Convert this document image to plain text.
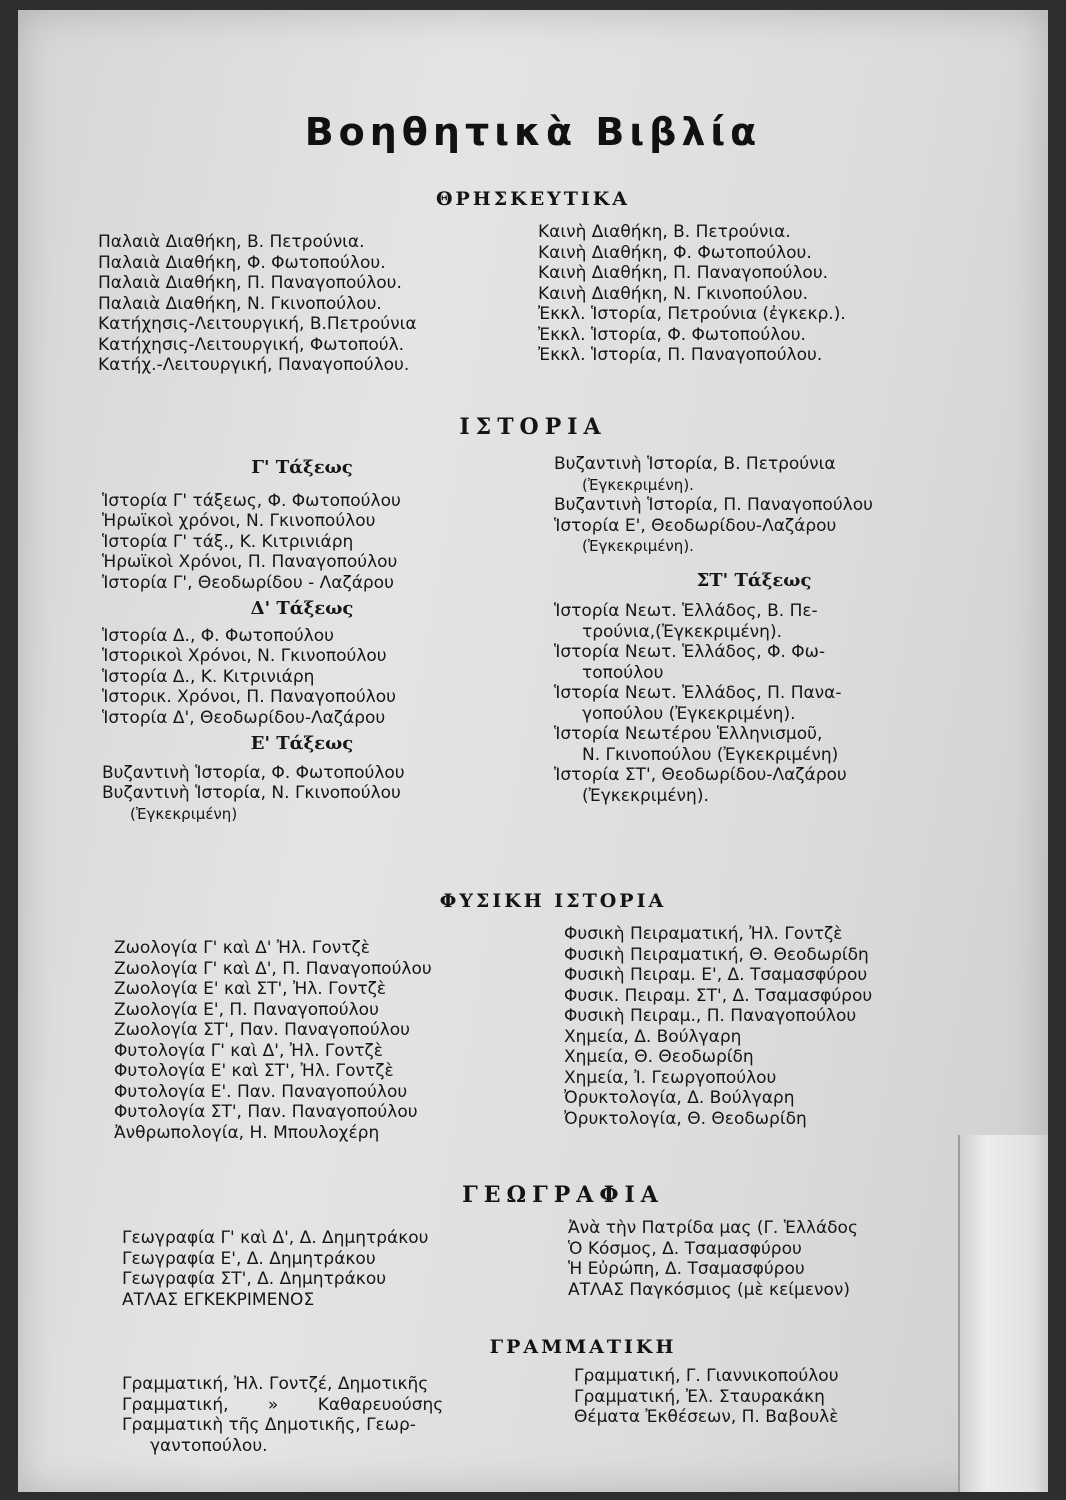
Βοηθητικὰ Βιβλία
ΘΡΗΣΚΕΥΤΙΚΑ
Παλαιὰ Διαθήκη, Β. Πετρούνια.
Παλαιὰ Διαθήκη, Φ. Φωτοπούλου.
Παλαιὰ Διαθήκη, Π. Παναγοπούλου.
Παλαιὰ Διαθήκη, Ν. Γκινοπούλου.
Κατήχησις-Λειτουργική, Β.Πετρούνια
Κατήχησις-Λειτουργική, Φωτοπούλ.
Κατήχ.-Λειτουργική, Παναγοπούλου.
Καινὴ Διαθήκη, Β. Πετρούνια.
Καινὴ Διαθήκη, Φ. Φωτοπούλου.
Καινὴ Διαθήκη, Π. Παναγοπούλου.
Καινὴ Διαθήκη, Ν. Γκινοπούλου.
Ἐκκλ. Ἱστορία, Πετρούνια (ἐγκεκρ.).
Ἐκκλ. Ἱστορία, Φ. Φωτοπούλου.
Ἐκκλ. Ἱστορία, Π. Παναγοπούλου.
ΙΣΤΟΡΙΑ
Γ' Τάξεως
Ἱστορία Γ' τάξεως, Φ. Φωτοπούλου
Ἡρωϊκοὶ χρόνοι, Ν. Γκινοπούλου
Ἱστορία Γ' τάξ., Κ. Κιτρινιάρη
Ἡρωϊκοὶ Χρόνοι, Π. Παναγοπούλου
Ἱστορία Γ', Θεοδωρίδου - Λαζάρου
Δ' Τάξεως
Ἱστορία Δ., Φ. Φωτοπούλου
Ἱστορικοὶ Χρόνοι, Ν. Γκινοπούλου
Ἱστορία Δ., Κ. Κιτρινιάρη
Ἱστορικ. Χρόνοι, Π. Παναγοπούλου
Ἱστορία Δ', Θεοδωρίδου-Λαζάρου
Ε' Τάξεως
Βυζαντινὴ Ἱστορία, Φ. Φωτοπούλου
Βυζαντινὴ Ἱστορία, Ν. Γκινοπούλου
(Ἐγκεκριμένη)
Βυζαντινὴ Ἱστορία, Β. Πετρούνια
(Ἐγκεκριμένη).
Βυζαντινὴ Ἱστορία, Π. Παναγοπούλου
Ἱστορία Ε', Θεοδωρίδου-Λαζάρου
(Ἐγκεκριμένη).
ΣΤ' Τάξεως
Ἱστορία Νεωτ. Ἑλλάδος, Β. Πε-
τρούνια,(Ἐγκεκριμένη).
Ἱστορία Νεωτ. Ἑλλάδος, Φ. Φω-
τοπούλου
Ἱστορία Νεωτ. Ἑλλάδος, Π. Πανα-
γοπούλου (Ἐγκεκριμένη).
Ἱστορία Νεωτέρου Ἑλληνισμοῦ,
Ν. Γκινοπούλου (Ἐγκεκριμένη)
Ἱστορία ΣΤ', Θεοδωρίδου-Λαζάρου
(Ἐγκεκριμένη).
ΦΥΣΙΚΗ ΙΣΤΟΡΙΑ
Ζωολογία Γ' καὶ Δ' Ἠλ. Γοντζὲ
Ζωολογία Γ' καὶ Δ', Π. Παναγοπούλου
Ζωολογία Ε' καὶ ΣΤ', Ἠλ. Γοντζὲ
Ζωολογία Ε', Π. Παναγοπούλου
Ζωολογία ΣΤ', Παν. Παναγοπούλου
Φυτολογία Γ' καὶ Δ', Ἠλ. Γοντζὲ
Φυτολογία Ε' καὶ ΣΤ', Ἠλ. Γοντζὲ
Φυτολογία Ε'. Παν. Παναγοπούλου
Φυτολογία ΣΤ', Παν. Παναγοπούλου
Ἀνθρωπολογία, Η. Μπουλοχέρη
Φυσικὴ Πειραματική, Ἠλ. Γοντζὲ
Φυσικὴ Πειραματική, Θ. Θεοδωρίδη
Φυσικὴ Πειραμ. Ε', Δ. Τσαμασφύρου
Φυσικ. Πειραμ. ΣΤ', Δ. Τσαμασφύρου
Φυσικὴ Πειραμ., Π. Παναγοπούλου
Χημεία, Δ. Βούλγαρη
Χημεία, Θ. Θεοδωρίδη
Χημεία, Ἰ. Γεωργοπούλου
Ὀρυκτολογία, Δ. Βούλγαρη
Ὀρυκτολογία, Θ. Θεοδωρίδη
ΓΕΩΓΡΑΦΙΑ
Γεωγραφία Γ' καὶ Δ', Δ. Δημητράκου
Γεωγραφία Ε', Δ. Δημητράκου
Γεωγραφία ΣΤ', Δ. Δημητράκου
ΑΤΛΑΣ ΕΓΚΕΚΡΙΜΕΝΟΣ
Ἀνὰ τὴν Πατρίδα μας (Γ. Ἑλλάδος
Ὁ Κόσμος, Δ. Τσαμασφύρου
Ἡ Εὐρώπη, Δ. Τσαμασφύρου
ΑΤΛΑΣ Παγκόσμιος (μὲ κείμενον)
ΓΡΑΜΜΑΤΙΚΗ
Γραμματική, Ἠλ. Γοντζέ, Δημοτικῆς
Γραμματική, » Καθαρευούσης
Γραμματικὴ τῆς Δημοτικῆς, Γεωρ-
γαντοπούλου.
Γραμματική, Γ. Γιαννικοπούλου
Γραμματική, Ἐλ. Σταυρακάκη
Θέματα Ἐκθέσεων, Π. Βαβουλὲ
